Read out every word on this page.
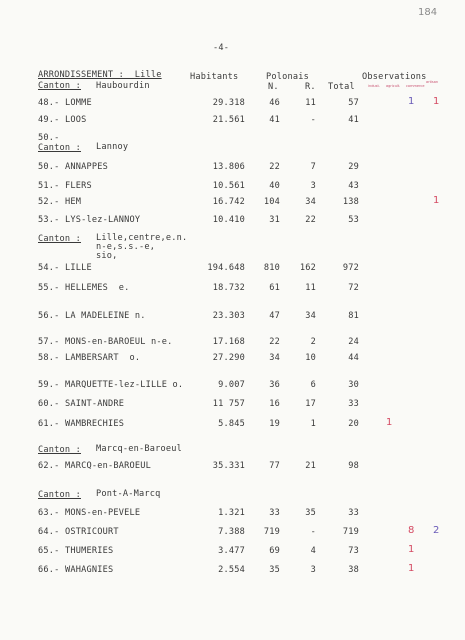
184
-4-
ARRONDISSEMENT :  Lille
Canton : Haubourdin
Habitants	Polonais
N.	R. Total
Observations
indust. agricult. commerce
artisan
48.- LOMME	29.318	46	11	57	1 1
49.- LOOS	21.561	41	-	41
50.-
Canton : Lannoy
50.- ANNAPPES	13.806	22	7	29
51.- FLERS	10.561	40	3	43
52.- HEM	16.742	104	34	138	1
53.- LYS-lez-LANNOY	10.410	31	22	53
Canton : Lille,centre,e.n.
n-e,s.s.-e,
sio,
54.- LILLE	194.648	810	162	972
55.- HELLEMES  e.	18.732	61	11	72
56.- LA MADELEINE n.	23.303	47	34	81
57.- MONS-en-BAROEUL n-e.	17.168	22	2	24
58.- LAMBERSART  o.	27.290	34	10	44
59.- MARQUETTE-lez-LILLE o.	9.007	36	6	30
60.- SAINT-ANDRE	11 757	16	17	33
61.- WAMBRECHIES	5.845	19	1	20	1
Canton : Marcq-en-Baroeul
62.- MARCQ-en-BAROEUL	35.331	77	21	98
Canton : Pont-A-Marcq
63.- MONS-en-PEVELE	1.321	33	35	33
64.- OSTRICOURT	7.388	719	-	719	8 2
65.- THUMERIES	3.477	69	4	73	1
66.- WAHAGNIES	2.554	35	3	38	1
